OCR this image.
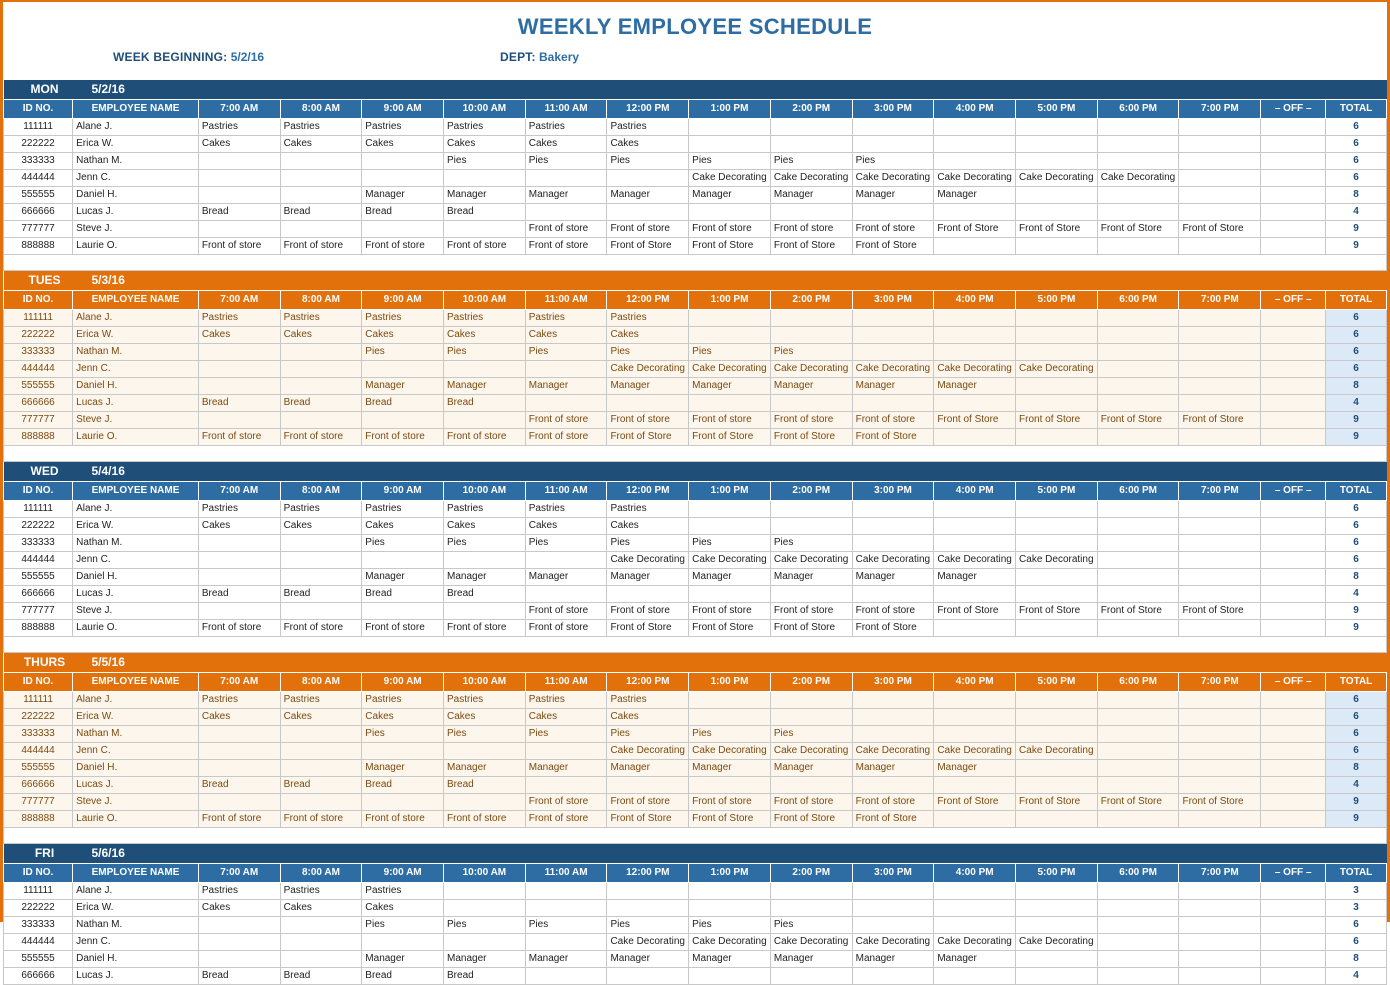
WEEKLY EMPLOYEE SCHEDULE
WEEK BEGINNING: 5/2/16	DEPT: Bakery
MON 5/2/16																
ID NO.	EMPLOYEE NAME	7:00 AM	8:00 AM	9:00 AM	10:00 AM	11:00 AM	12:00 PM	1:00 PM	2:00 PM	3:00 PM	4:00 PM	5:00 PM	6:00 PM	7:00 PM	– OFF –	TOTAL
111111	Alane J.	Pastries	Pastries	Pastries	Pastries	Pastries	Pastries									6
222222	Erica W.	Cakes	Cakes	Cakes	Cakes	Cakes	Cakes									6
333333	Nathan M.				Pies	Pies	Pies	Pies	Pies	Pies						6
444444	Jenn C.							Cake Decorating	Cake Decorating	Cake Decorating	Cake Decorating	Cake Decorating	Cake Decorating			6
555555	Daniel H.			Manager	Manager	Manager	Manager	Manager	Manager	Manager	Manager					8
666666	Lucas J.	Bread	Bread	Bread	Bread											4
777777	Steve J.					Front of store	Front of store	Front of store	Front of store	Front of store	Front of Store	Front of Store	Front of Store	Front of Store		9
888888	Laurie O.	Front of store	Front of store	Front of store	Front of store	Front of store	Front of Store	Front of Store	Front of Store	Front of Store						9

TUES 5/3/16																
ID NO.	EMPLOYEE NAME	7:00 AM	8:00 AM	9:00 AM	10:00 AM	11:00 AM	12:00 PM	1:00 PM	2:00 PM	3:00 PM	4:00 PM	5:00 PM	6:00 PM	7:00 PM	– OFF –	TOTAL
111111	Alane J.	Pastries	Pastries	Pastries	Pastries	Pastries	Pastries									6
222222	Erica W.	Cakes	Cakes	Cakes	Cakes	Cakes	Cakes									6
333333	Nathan M.			Pies	Pies	Pies	Pies	Pies	Pies							6
444444	Jenn C.						Cake Decorating	Cake Decorating	Cake Decorating	Cake Decorating	Cake Decorating	Cake Decorating				6
555555	Daniel H.			Manager	Manager	Manager	Manager	Manager	Manager	Manager	Manager					8
666666	Lucas J.	Bread	Bread	Bread	Bread											4
777777	Steve J.					Front of store	Front of store	Front of store	Front of store	Front of store	Front of Store	Front of Store	Front of Store	Front of Store		9
888888	Laurie O.	Front of store	Front of store	Front of store	Front of store	Front of store	Front of Store	Front of Store	Front of Store	Front of Store						9

WED 5/4/16																
ID NO.	EMPLOYEE NAME	7:00 AM	8:00 AM	9:00 AM	10:00 AM	11:00 AM	12:00 PM	1:00 PM	2:00 PM	3:00 PM	4:00 PM	5:00 PM	6:00 PM	7:00 PM	– OFF –	TOTAL
111111	Alane J.	Pastries	Pastries	Pastries	Pastries	Pastries	Pastries									6
222222	Erica W.	Cakes	Cakes	Cakes	Cakes	Cakes	Cakes									6
333333	Nathan M.			Pies	Pies	Pies	Pies	Pies	Pies							6
444444	Jenn C.						Cake Decorating	Cake Decorating	Cake Decorating	Cake Decorating	Cake Decorating	Cake Decorating				6
555555	Daniel H.			Manager	Manager	Manager	Manager	Manager	Manager	Manager	Manager					8
666666	Lucas J.	Bread	Bread	Bread	Bread											4
777777	Steve J.					Front of store	Front of store	Front of store	Front of store	Front of store	Front of Store	Front of Store	Front of Store	Front of Store		9
888888	Laurie O.	Front of store	Front of store	Front of store	Front of store	Front of store	Front of Store	Front of Store	Front of Store	Front of Store						9

THURS 5/5/16																
ID NO.	EMPLOYEE NAME	7:00 AM	8:00 AM	9:00 AM	10:00 AM	11:00 AM	12:00 PM	1:00 PM	2:00 PM	3:00 PM	4:00 PM	5:00 PM	6:00 PM	7:00 PM	– OFF –	TOTAL
111111	Alane J.	Pastries	Pastries	Pastries	Pastries	Pastries	Pastries									6
222222	Erica W.	Cakes	Cakes	Cakes	Cakes	Cakes	Cakes									6
333333	Nathan M.			Pies	Pies	Pies	Pies	Pies	Pies							6
444444	Jenn C.						Cake Decorating	Cake Decorating	Cake Decorating	Cake Decorating	Cake Decorating	Cake Decorating				6
555555	Daniel H.			Manager	Manager	Manager	Manager	Manager	Manager	Manager	Manager					8
666666	Lucas J.	Bread	Bread	Bread	Bread											4
777777	Steve J.					Front of store	Front of store	Front of store	Front of store	Front of store	Front of Store	Front of Store	Front of Store	Front of Store		9
888888	Laurie O.	Front of store	Front of store	Front of store	Front of store	Front of store	Front of Store	Front of Store	Front of Store	Front of Store						9

FRI 5/6/16																
ID NO.	EMPLOYEE NAME	7:00 AM	8:00 AM	9:00 AM	10:00 AM	11:00 AM	12:00 PM	1:00 PM	2:00 PM	3:00 PM	4:00 PM	5:00 PM	6:00 PM	7:00 PM	– OFF –	TOTAL
111111	Alane J.	Pastries	Pastries	Pastries												3
222222	Erica W.	Cakes	Cakes	Cakes												3
333333	Nathan M.			Pies	Pies	Pies	Pies	Pies	Pies							6
444444	Jenn C.						Cake Decorating	Cake Decorating	Cake Decorating	Cake Decorating	Cake Decorating	Cake Decorating				6
555555	Daniel H.			Manager	Manager	Manager	Manager	Manager	Manager	Manager	Manager					8
666666	Lucas J.	Bread	Bread	Bread	Bread											4
